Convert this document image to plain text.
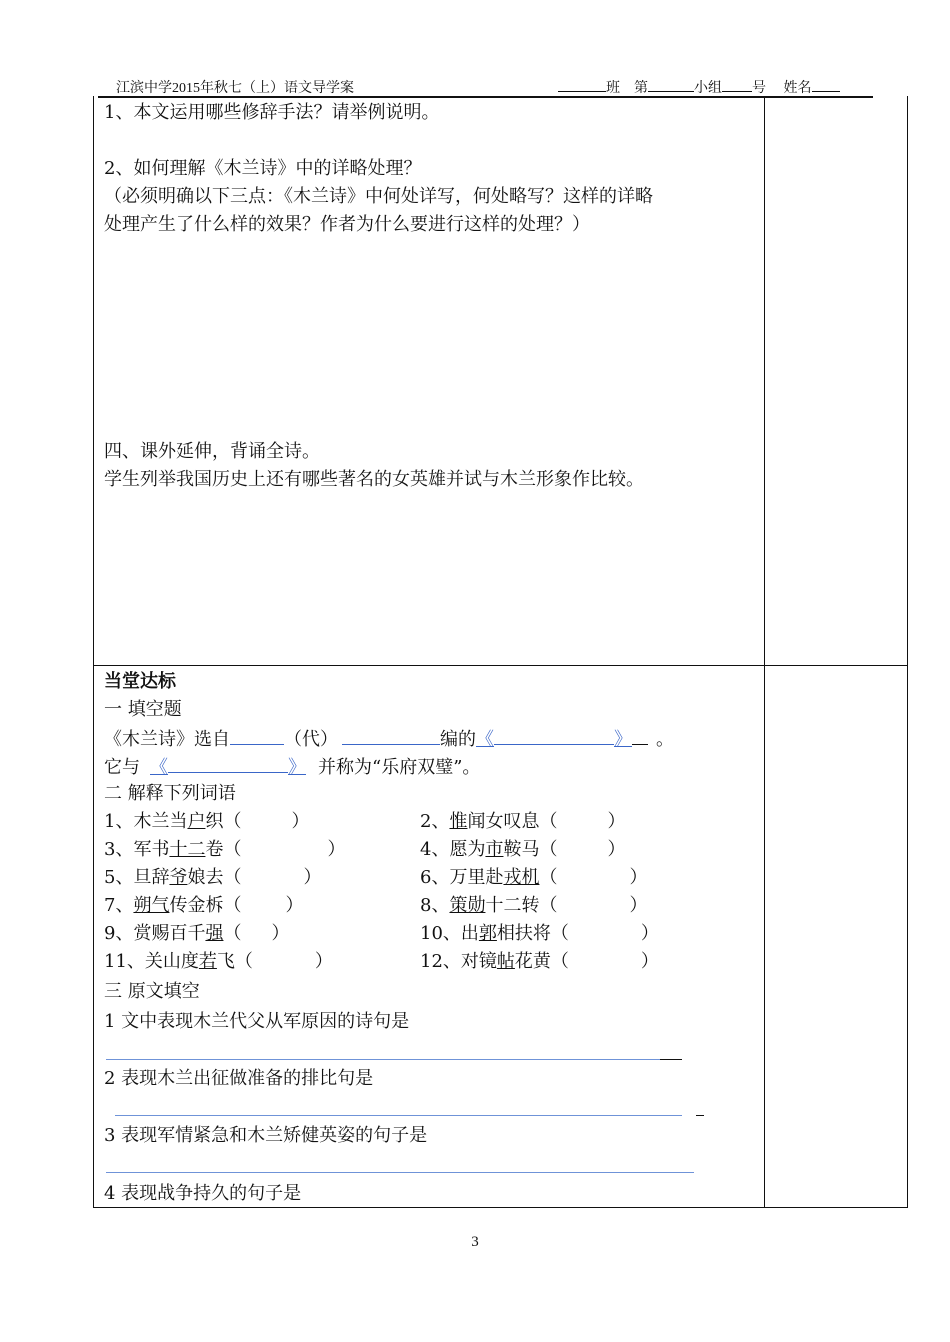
江滨中学2015年秋七（上）语文导学案	班 第	小组 号 姓名
1、本文运用哪些修辞手法？请举例说明。
2、如何理解《木兰诗》中的详略处理？
（必须明确以下三点：《木兰诗》中何处详写，何处略写？这样的详略
处理产生了什么样的效果？作者为什么要进行这样的处理？）
四、课外延伸，背诵全诗。
学生列举我国历史上还有哪些著名的女英雄并试与木兰形象作比较。
当堂达标
一 填空题
《木兰诗》选自	（代）	编的《	》 。
它与 《	》 并称为“乐府双璧”。
二 解释下列词语
1、木兰当户织（	）	2、惟闻女叹息（	）
3、军书十二卷（	）	4、愿为市鞍马（	）
5、旦辞爷娘去（	）	6、万里赴戎机（	）
7、朔气传金柝（ ）	8、策勋十二转（	）
9、赏赐百千强（ ）	10、出郭相扶将（	）
11、关山度若飞（	）	12、对镜帖花黄（	）
三 原文填空
1 文中表现木兰代父从军原因的诗句是
2 表现木兰出征做准备的排比句是
3 表现军情紧急和木兰矫健英姿的句子是
4 表现战争持久的句子是
3
